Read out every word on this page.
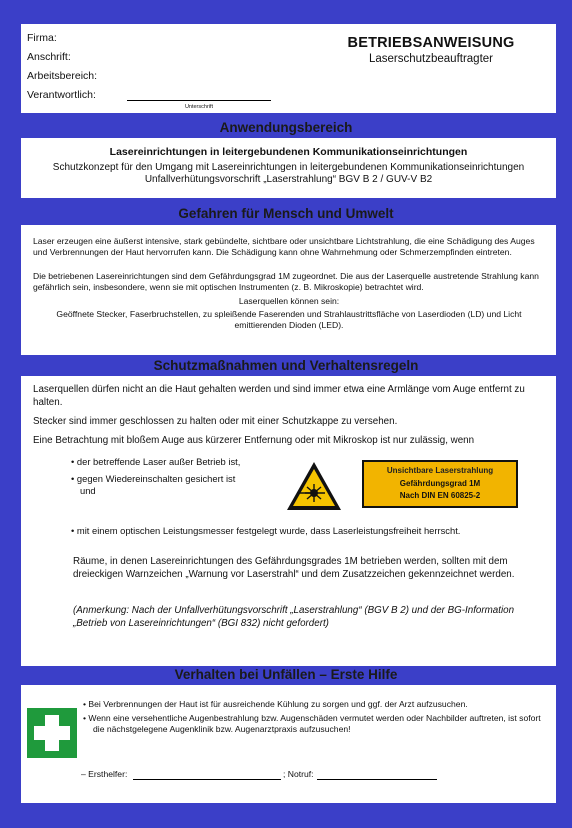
Firma:
Anschrift:
Arbeitsbereich:
Verantwortlich:
Unterschrift
BETRIEBSANWEISUNG
Laserschutzbeauftragter
Anwendungsbereich
Lasereinrichtungen in leitergebundenen Kommunikationseinrichtungen
Schutzkonzept für den Umgang mit Lasereinrichtungen in leitergebundenen Kommunikationseinrichtungen
Unfallverhütungsvorschrift „Laserstrahlung“ BGV B 2 / GUV-V B2
Gefahren für Mensch und Umwelt
Laser erzeugen eine äußerst intensive, stark gebündelte, sichtbare oder unsichtbare Lichtstrahlung, die eine Schädigung des Auges und Verbrennungen der Haut hervorrufen kann. Die Schädigung kann ohne Wahrnehmung oder Schmerzempfinden eintreten.
Die betriebenen Lasereinrichtungen sind dem Gefährdungsgrad 1M zugeordnet. Die aus der Laserquelle austretende Strahlung kann gefährlich sein, insbesondere, wenn sie mit optischen Instrumenten (z. B. Mikroskopie) betrachtet wird.
Laserquellen können sein:
Geöffnete Stecker, Faserbruchstellen, zu spleißende Faserenden und Strahlaustrittsfläche von Laserdioden (LD) und Licht emittierenden Dioden (LED).
Schutzmaßnahmen und Verhaltensregeln
Laserquellen dürfen nicht an die Haut gehalten werden und sind immer etwa eine Armlänge vom Auge entfernt zu halten.
Stecker sind immer geschlossen zu halten oder mit einer Schutzkappe zu versehen.
Eine Betrachtung mit bloßem Auge aus kürzerer Entfernung oder mit Mikroskop ist nur zulässig, wenn
• der betreffende Laser außer Betrieb ist,
• gegen Wiedereinschalten gesichert ist
und
Unsichtbare Laserstrahlung
Gefährdungsgrad 1M
Nach DIN EN 60825-2
• mit einem optischen Leistungsmesser festgelegt wurde, dass Laserleistungsfreiheit herrscht.
Räume, in denen Lasereinrichtungen des Gefährdungsgrades 1M betrieben werden, sollten mit dem dreieckigen Warnzeichen „Warnung vor Laserstrahl“ und dem Zusatzzeichen gekennzeichnet werden.
(Anmerkung: Nach der Unfallverhütungsvorschrift „Laserstrahlung“ (BGV B 2) und der BG-Information „Betrieb von Lasereinrichtungen“ (BGI 832) nicht gefordert)
Verhalten bei Unfällen – Erste Hilfe
• Bei Verbrennungen der Haut ist für ausreichende Kühlung zu sorgen und ggf. der Arzt aufzusuchen.
• Wenn eine versehentliche Augenbestrahlung bzw. Augenschäden vermutet werden oder Nachbilder auftreten, ist sofort die nächstgelegene Augenklinik bzw. Augenarztpraxis aufzusuchen!
– Ersthelfer:	; Notruf:
